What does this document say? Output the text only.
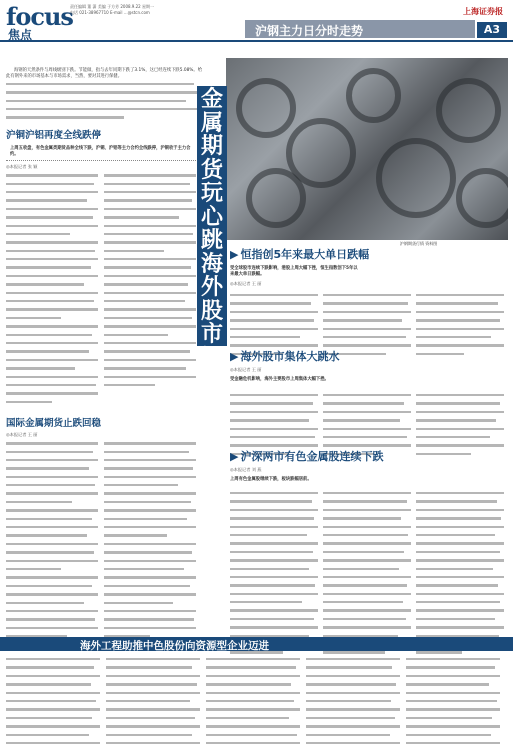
focus
焦点
责任编辑 董 潇 美编 于方芳 2008.9.22 星期一
电话 021-38967710 E-mail ...@stcn.com	上海证券报
沪钢主力日分时走势	A3
海钢的天然条件与周线级别下跌。节能做，指与去年同期下跌了3.1%，这已经连续下跌5.08%。给此有钢外来的市场基本与市场需求，当然，要对其进行保健。
沪铜沪铝再度全线跌停
上周五收盘，有色金属类期货品种全线下跌，沪铜、沪铝等主力合约全线跌停，沪铜收于主力合约。
◎本报记者 张 颖
国际金属期货止跌回稳
◎本报记者 王 丽
沪钢期货行情 资料图
金属期货玩心跳 海外股市闪了腰
▶ 恒指创5年来最大单日跌幅
受全球股市连续下跌影响，港股上周大幅下挫，恒生指数创下5年以来最大单日跌幅。
◎本报记者 王 丽
▶ 海外股市集体大跳水
◎本报记者 王 丽
受金融危机影响，海外主要股市上周集体大幅下挫。
▶ 沪深两市有色金属股连续下跌
◎本报记者 刘 燕
上周有色金属股继续下跌，板块跌幅居前。
海外工程助推中色股份向资源型企业迈进
